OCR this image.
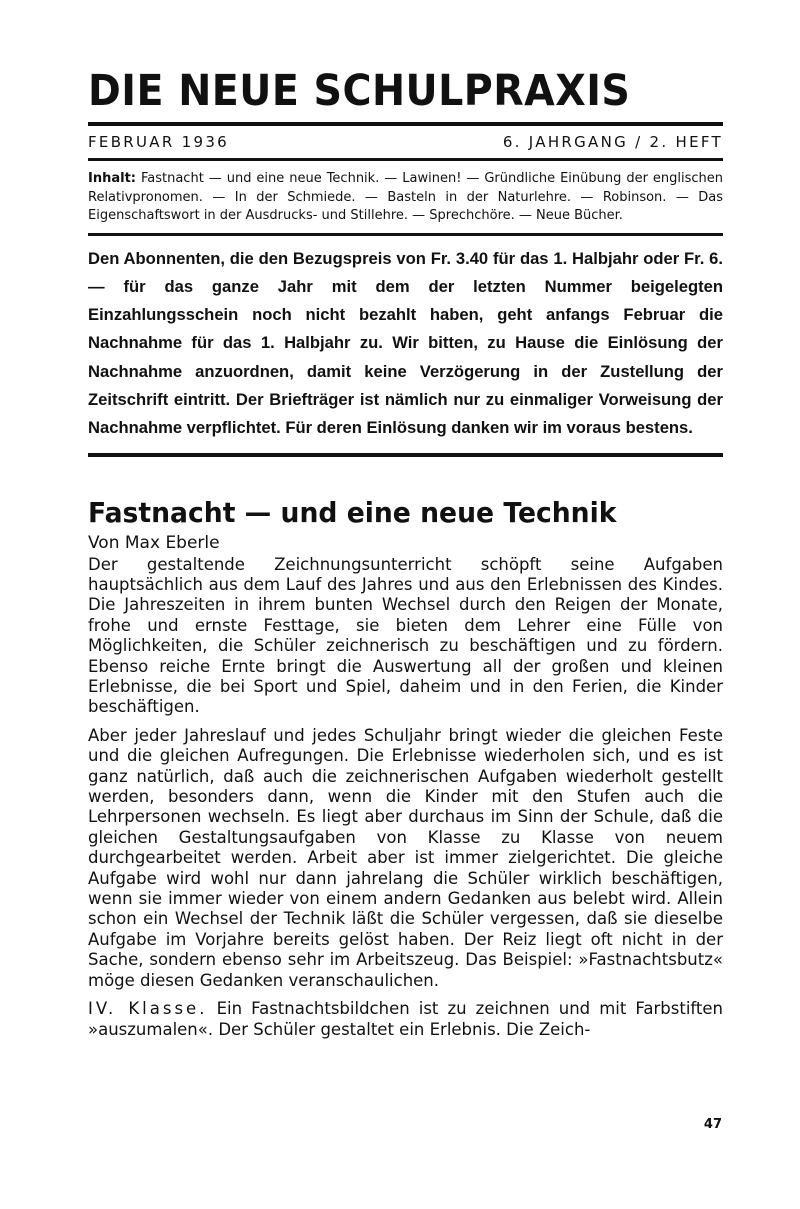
DIE NEUE SCHULPRAXIS
FEBRUAR 1936	6. JAHRGANG / 2. HEFT
Inhalt: Fastnacht — und eine neue Technik. — Lawinen! — Gründliche Einübung der englischen Relativpronomen. — In der Schmiede. — Basteln in der Naturlehre. — Robinson. — Das Eigenschaftswort in der Ausdrucks- und Stillehre. — Sprechchöre. — Neue Bücher.

Den Abonnenten, die den Bezugspreis von Fr. 3.40 für das 1. Halbjahr oder Fr. 6.— für das ganze Jahr mit dem der letzten Nummer beigelegten Einzahlungsschein noch nicht bezahlt haben, geht anfangs Februar die Nachnahme für das 1. Halbjahr zu. Wir bitten, zu Hause die Einlösung der Nachnahme anzuordnen, damit keine Verzögerung in der Zustellung der Zeitschrift eintritt. Der Briefträger ist nämlich nur zu einmaliger Vorweisung der Nachnahme verpflichtet. Für deren Einlösung danken wir im voraus bestens.

Fastnacht — und eine neue Technik
Von Max Eberle

Der gestaltende Zeichnungsunterricht schöpft seine Aufgaben hauptsächlich aus dem Lauf des Jahres und aus den Erlebnissen des Kindes. Die Jahreszeiten in ihrem bunten Wechsel durch den Reigen der Monate, frohe und ernste Festtage, sie bieten dem Lehrer eine Fülle von Möglichkeiten, die Schüler zeichnerisch zu beschäftigen und zu fördern. Ebenso reiche Ernte bringt die Auswertung all der großen und kleinen Erlebnisse, die bei Sport und Spiel, daheim und in den Ferien, die Kinder beschäftigen.

Aber jeder Jahreslauf und jedes Schuljahr bringt wieder die gleichen Feste und die gleichen Aufregungen. Die Erlebnisse wiederholen sich, und es ist ganz natürlich, daß auch die zeichnerischen Aufgaben wiederholt gestellt werden, besonders dann, wenn die Kinder mit den Stufen auch die Lehrpersonen wechseln. Es liegt aber durchaus im Sinn der Schule, daß die gleichen Gestaltungsaufgaben von Klasse zu Klasse von neuem durchgearbeitet werden. Arbeit aber ist immer zielgerichtet. Die gleiche Aufgabe wird wohl nur dann jahrelang die Schüler wirklich beschäftigen, wenn sie immer wieder von einem andern Gedanken aus belebt wird. Allein schon ein Wechsel der Technik läßt die Schüler vergessen, daß sie dieselbe Aufgabe im Vorjahre bereits gelöst haben. Der Reiz liegt oft nicht in der Sache, sondern ebenso sehr im Arbeitszeug. Das Beispiel: »Fastnachtsbutz« möge diesen Gedanken veranschaulichen.

IV. Klasse. Ein Fastnachtsbildchen ist zu zeichnen und mit Farbstiften »auszumalen«. Der Schüler gestaltet ein Erlebnis. Die Zeich-

47
